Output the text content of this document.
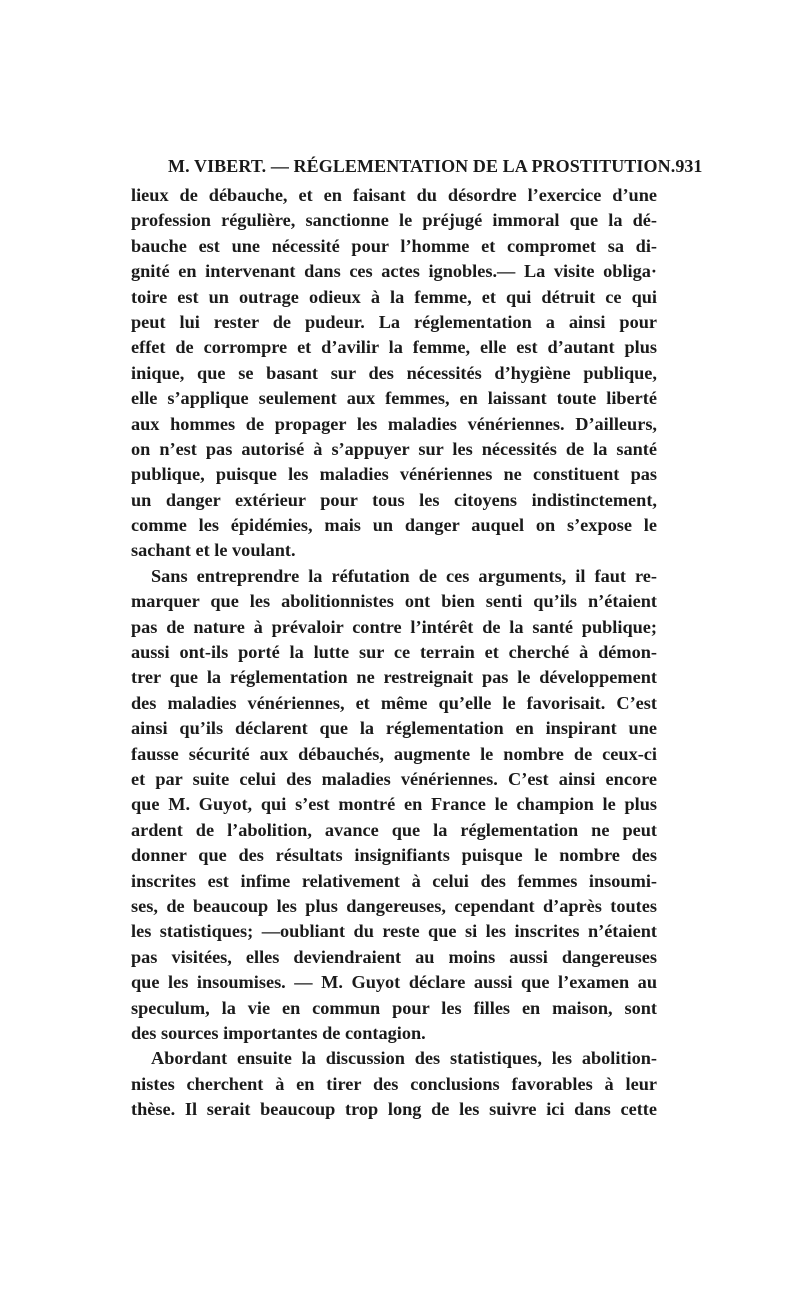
M. VIBERT. — RÉGLEMENTATION DE LA PROSTITUTION. 931
lieux de débauche, et en faisant du désordre l’exercice d’une
profession régulière, sanctionne le préjugé immoral que la dé-
bauche est une nécessité pour l’homme et compromet sa di-
gnité en intervenant dans ces actes ignobles.— La visite obliga·
toire est un outrage odieux à la femme, et qui détruit ce qui
peut lui rester de pudeur. La réglementation a ainsi pour
effet de corrompre et d’avilir la femme, elle est d’autant plus
inique, que se basant sur des nécessités d’hygiène publique,
elle s’applique seulement aux femmes, en laissant toute liberté
aux hommes de propager les maladies vénériennes. D’ailleurs,
on n’est pas autorisé à s’appuyer sur les nécessités de la santé
publique, puisque les maladies vénériennes ne constituent pas
un danger extérieur pour tous les citoyens indistinctement,
comme les épidémies, mais un danger auquel on s’expose le
sachant et le voulant.
Sans entreprendre la réfutation de ces arguments, il faut re-
marquer que les abolitionnistes ont bien senti qu’ils n’étaient
pas de nature à prévaloir contre l’intérêt de la santé publique;
aussi ont-ils porté la lutte sur ce terrain et cherché à démon-
trer que la réglementation ne restreignait pas le développement
des maladies vénériennes, et même qu’elle le favorisait. C’est
ainsi qu’ils déclarent que la réglementation en inspirant une
fausse sécurité aux débauchés, augmente le nombre de ceux-ci
et par suite celui des maladies vénériennes. C’est ainsi encore
que M. Guyot, qui s’est montré en France le champion le plus
ardent de l’abolition, avance que la réglementation ne peut
donner que des résultats insignifiants puisque le nombre des
inscrites est infime relativement à celui des femmes insoumi-
ses, de beaucoup les plus dangereuses, cependant d’après toutes
les statistiques; —oubliant du reste que si les inscrites n’étaient
pas visitées, elles deviendraient au moins aussi dangereuses
que les insoumises. — M. Guyot déclare aussi que l’examen au
speculum, la vie en commun pour les filles en maison, sont
des sources importantes de contagion.
Abordant ensuite la discussion des statistiques, les abolition-
nistes cherchent à en tirer des conclusions favorables à leur
thèse. Il serait beaucoup trop long de les suivre ici dans cette
